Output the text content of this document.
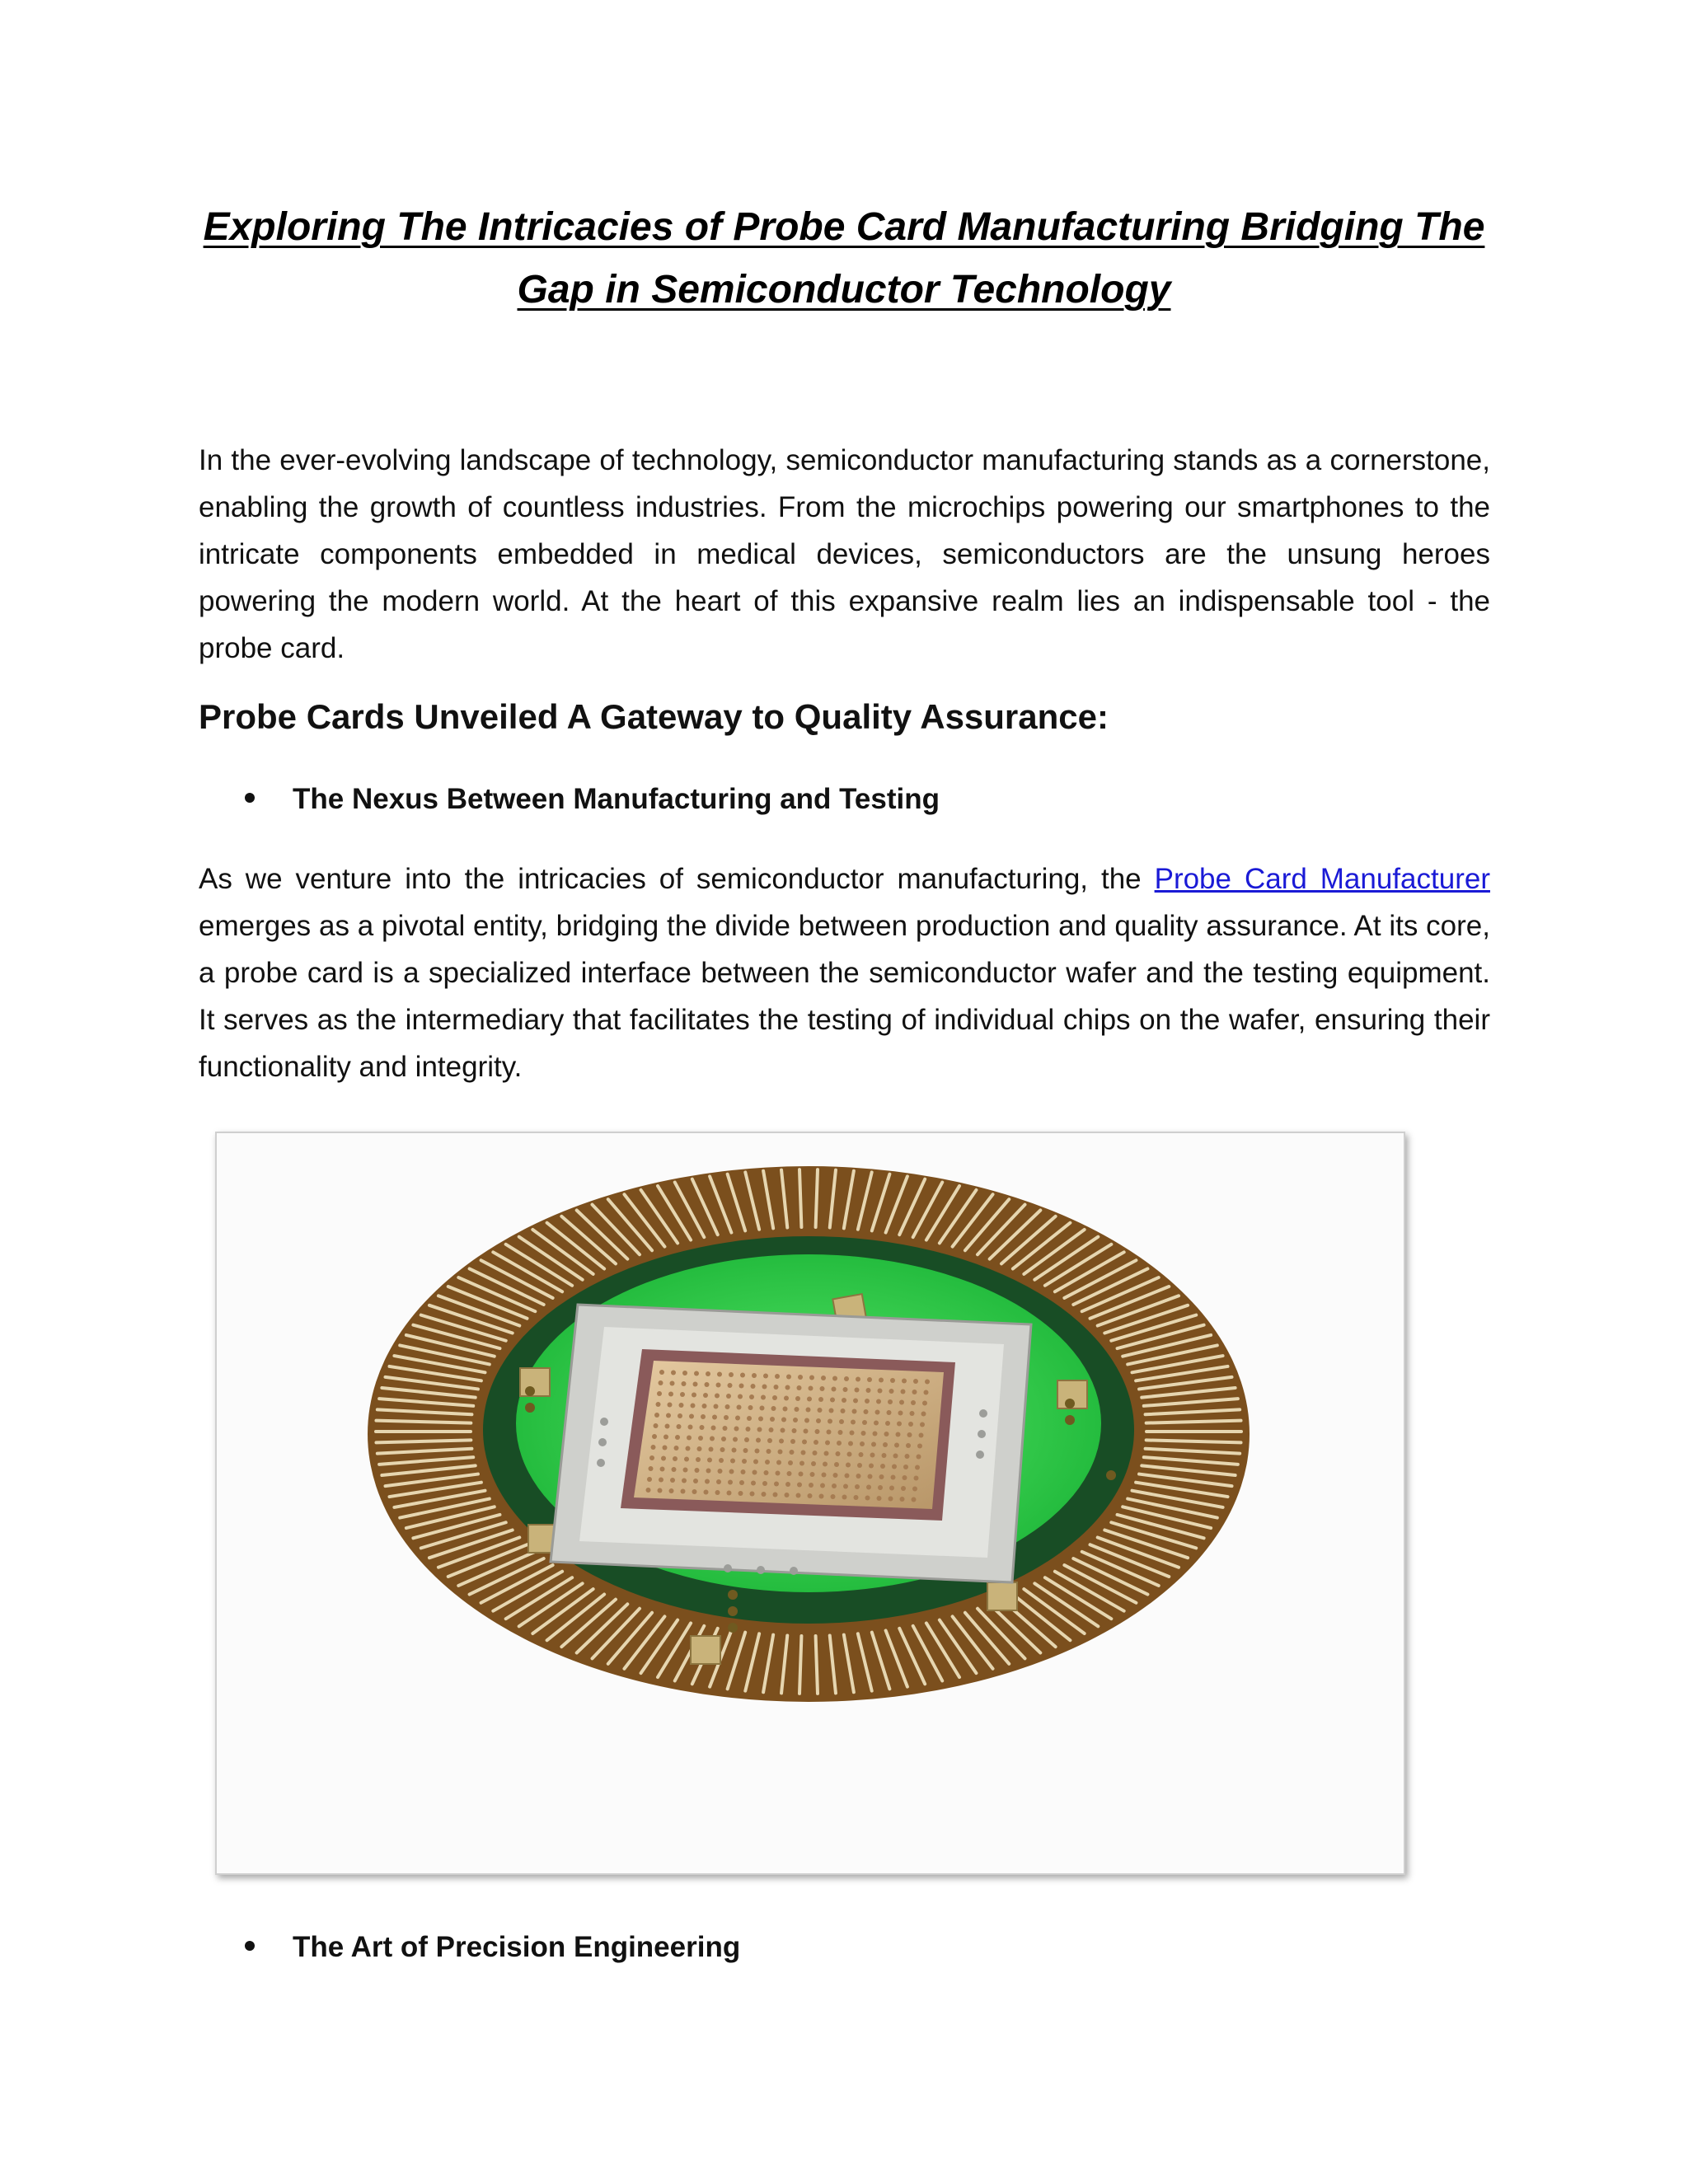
Exploring The Intricacies of Probe Card Manufacturing Bridging The Gap in Semiconductor Technology
In the ever-evolving landscape of technology, semiconductor manufacturing stands as a cornerstone, enabling the growth of countless industries. From the microchips powering our smartphones to the intricate components embedded in medical devices, semiconductors are the unsung heroes powering the modern world. At the heart of this expansive realm lies an indispensable tool - the probe card.
Probe Cards Unveiled A Gateway to Quality Assurance:
The Nexus Between Manufacturing and Testing
As we venture into the intricacies of semiconductor manufacturing, the Probe Card Manufacturer emerges as a pivotal entity, bridging the divide between production and quality assurance. At its core, a probe card is a specialized interface between the semiconductor wafer and the testing equipment. It serves as the intermediary that facilitates the testing of individual chips on the wafer, ensuring their functionality and integrity.
The Art of Precision Engineering
